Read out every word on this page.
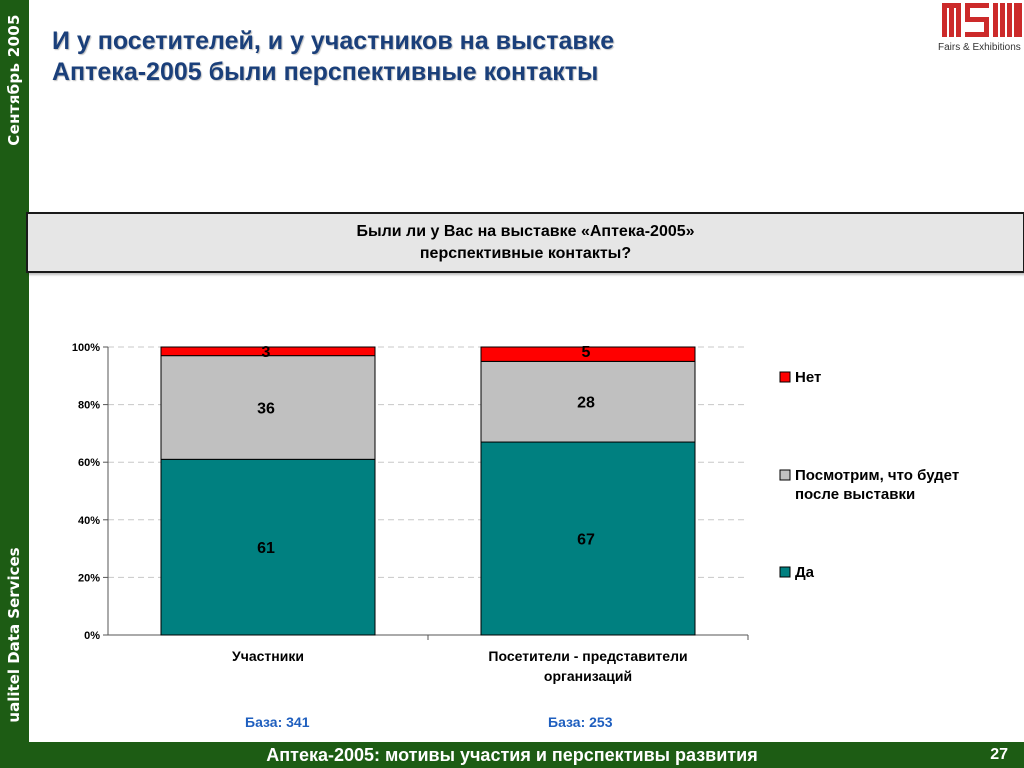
Сентябрь 2005
ualitel Data Services
И у посетителей, и у участников на выставке
Аптека-2005 были перспективные контакты
Fairs & Exhibitions
Были ли у Вас на выставке «Аптека-2005»
перспективные контакты?
0%
20%
40%
60%
80%
100%
61
36
3
Участники
67
28
5
Посетители - представители
организаций
Нет
Посмотрим, что будет
после выставки
Да
База: 341	База: 253
Аптека-2005: мотивы участия и перспективы развития	27
